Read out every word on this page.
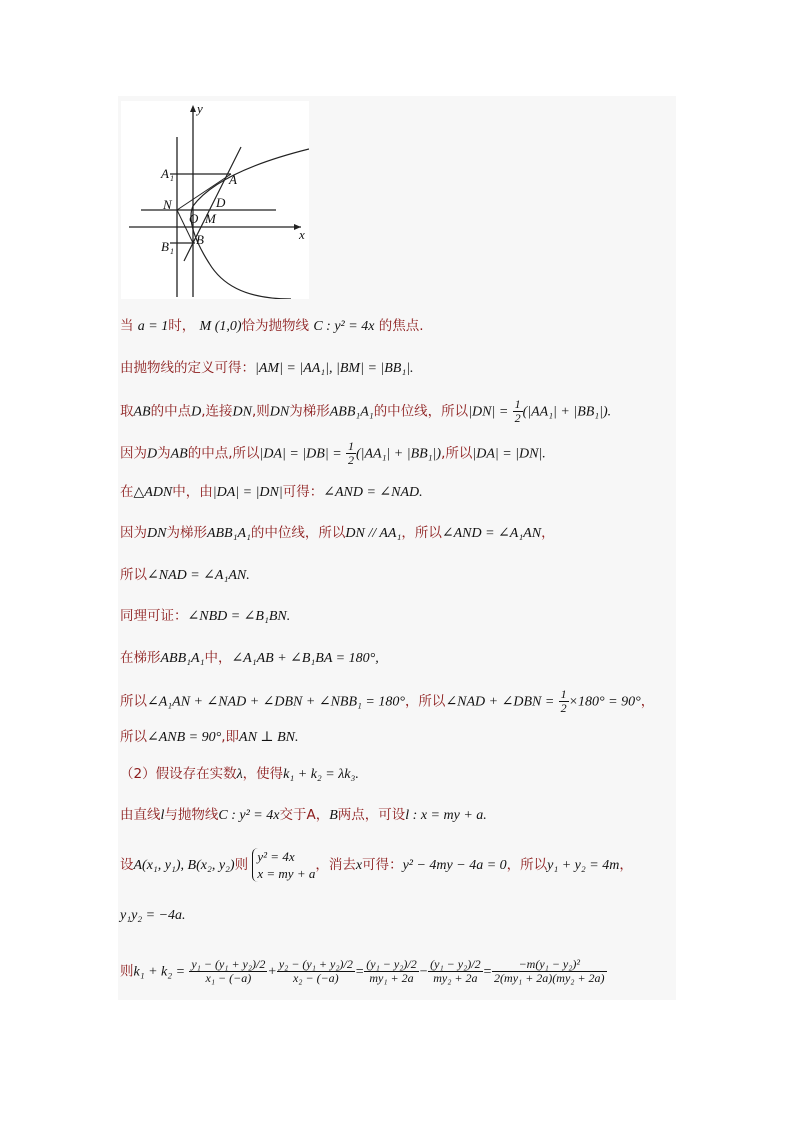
y
x
A 1	A
D
N
O M
B
B 1
当 a = 1时， M (1,0)恰为抛物线 C : y² = 4x 的焦点.
由抛物线的定义可得：|AM| = |AA₁|, |BM| = |BB₁|.
取AB的中点D,连接DN,则DN为梯形ABB₁A₁的中位线，所以$|DN| = \frac{1}{2} (|AA_1| + |BB_1|)$.
因为D为AB的中点,所以$|DA| = |DB| = \frac{1}{2} (|AA_1| + |BB_1|)$,所以|DA| = |DN|.
在△ADN中，由|DA| = |DN|可得：∠AND = ∠NAD.
因为DN为梯形ABB₁A₁的中位线，所以DN // AA₁，所以∠AND = ∠A₁AN，
所以∠NAD = ∠A₁AN.
同理可证：∠NBD = ∠B₁BN.
在梯形ABB₁A₁中，∠A₁AB + ∠B₁BA = 180°,
所以∠A₁AN + ∠NAD + ∠DBN + ∠NBB₁ = 180°，所以∠NAD + ∠DBN = $\frac{1}{2} \times 180^\circ = 90^\circ$，
所以∠ANB = 90°,即AN ⊥ BN.
（2）假设存在实数λ，使得k₁ + k₂ = λk₃.
由直线l与抛物线C : y² = 4x交于A，B两点，可设l : x = my + a.
设A(x₁, y₁), B(x₂, y₂)则
y² = 4x
x = my + a
，消去x可得：y² − 4my − 4a = 0，所以y₁ + y₂ = 4m，
y₁y₂ = −4a.
则$k_1 + k_2 = \frac{\text{y₁ − (y₁ + y₂)/2}}{\text{x₁ − (−a)}} + \frac{\text{y₂ − (y₁ + y₂)/2}}{\text{x₂ − (−a)}} = \frac{\text{(y₁ − y₂)/2}}{\text{my₁ + 2a}} - \frac{\text{(y₁ − y₂)/2}}{\text{my₂ + 2a}} = \frac{\text{−m(y₁ − y₂)²}}{\text{2(my₁ + 2a)(my₂ + 2a)}}$
